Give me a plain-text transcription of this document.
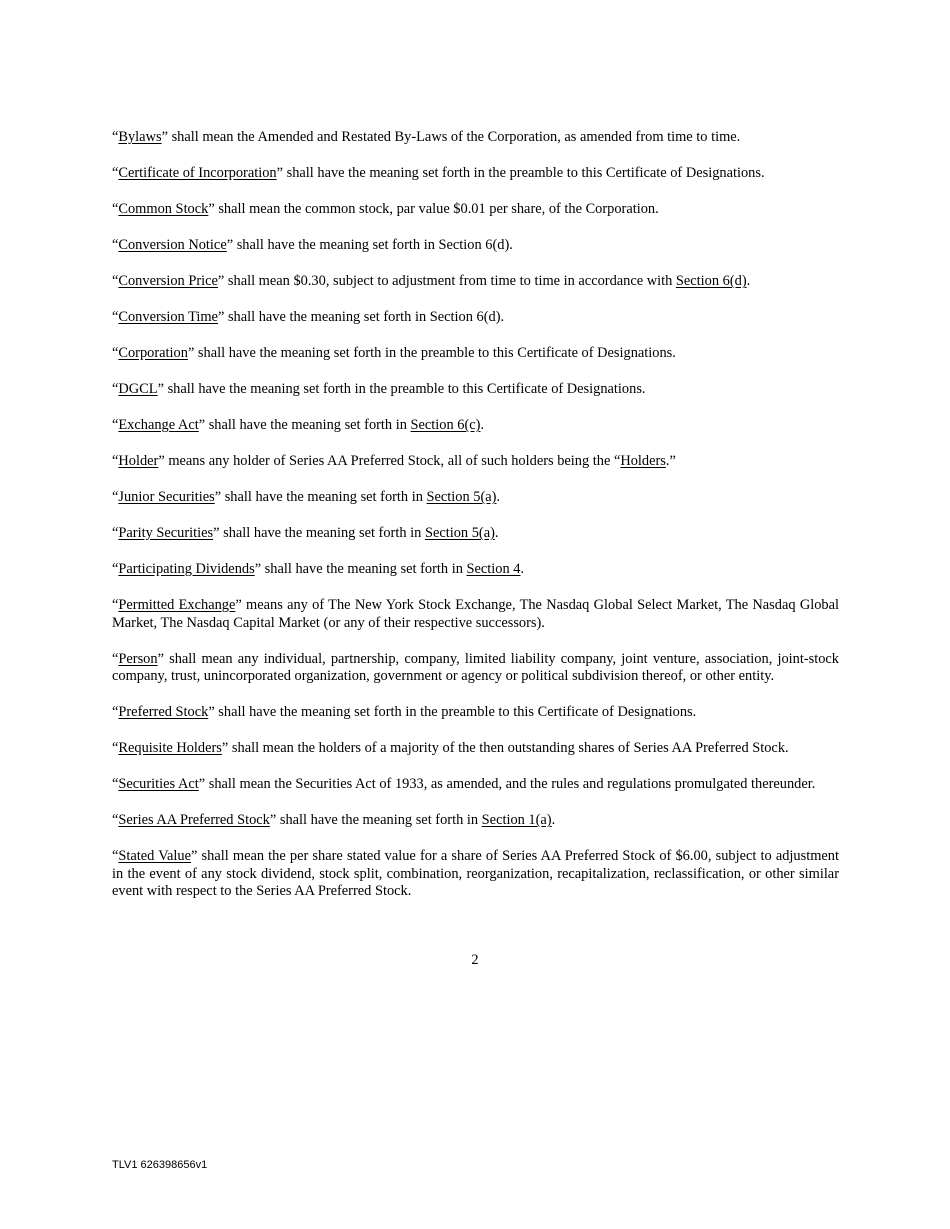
“Bylaws” shall mean the Amended and Restated By-Laws of the Corporation, as amended from time to time.

“Certificate of Incorporation” shall have the meaning set forth in the preamble to this Certificate of Designations.

“Common Stock” shall mean the common stock, par value $0.01 per share, of the Corporation.

“Conversion Notice” shall have the meaning set forth in Section 6(d).

“Conversion Price” shall mean $0.30, subject to adjustment from time to time in accordance with Section 6(d).

“Conversion Time” shall have the meaning set forth in Section 6(d).

“Corporation” shall have the meaning set forth in the preamble to this Certificate of Designations.

“DGCL” shall have the meaning set forth in the preamble to this Certificate of Designations.

“Exchange Act” shall have the meaning set forth in Section 6(c).

“Holder” means any holder of Series AA Preferred Stock, all of such holders being the “Holders.”

“Junior Securities” shall have the meaning set forth in Section 5(a).

“Parity Securities” shall have the meaning set forth in Section 5(a).

“Participating Dividends” shall have the meaning set forth in Section 4.

“Permitted Exchange” means any of The New York Stock Exchange, The Nasdaq Global Select Market, The Nasdaq Global Market, The Nasdaq Capital Market (or any of their respective successors).

“Person” shall mean any individual, partnership, company, limited liability company, joint venture, association, joint-stock company, trust, unincorporated organization, government or agency or political subdivision thereof, or other entity.

“Preferred Stock” shall have the meaning set forth in the preamble to this Certificate of Designations.

“Requisite Holders” shall mean the holders of a majority of the then outstanding shares of Series AA Preferred Stock.

“Securities Act” shall mean the Securities Act of 1933, as amended, and the rules and regulations promulgated thereunder.

“Series AA Preferred Stock” shall have the meaning set forth in Section 1(a).

“Stated Value” shall mean the per share stated value for a share of Series AA Preferred Stock of $6.00, subject to adjustment in the event of any stock dividend, stock split, combination, reorganization, recapitalization, reclassification, or other similar event with respect to the Series AA Preferred Stock.

2
TLV1 626398656v1
